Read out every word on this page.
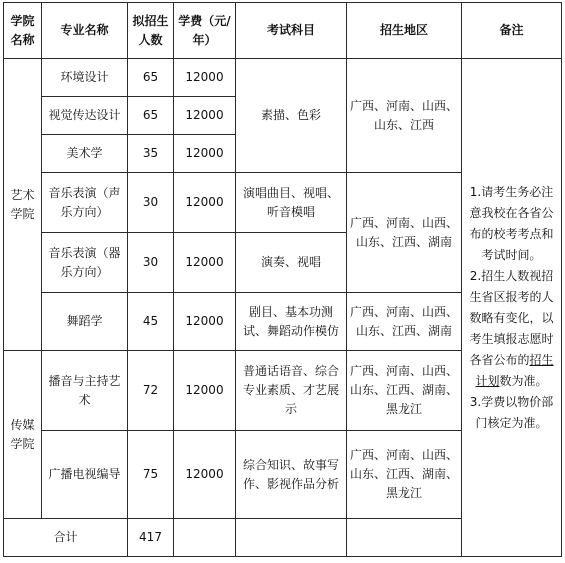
学院名称	专业名称	拟招生人数	学费（元/年）	考试科目	招生地区	备注
艺术学院	环境设计	65	12000	素描、色彩	广西、河南、山西、山东、江西	1.请考生务必注意我校在各省公布的校考考点和考试时间。

2.招生人数视招生省区报考的人数略有变化，以考生填报志愿时各省公布的招生计划数为准。

3.学费以物价部门核定为准。

	视觉传达设计	65	12000			
	美术学	35	12000			
	音乐表演（声乐方向）	30	12000	演唱曲目、视唱、听音模唱	广西、河南、山西、山东、江西、湖南	
	音乐表演（器乐方向）	30	12000	演奏、视唱		
	舞蹈学	45	12000	剧目、基本功测试、舞蹈动作模仿	广西、河南、山西、山东、江西、湖南	
传媒学院	播音与主持艺术	72	12000	普通话语音、综合专业素质、才艺展示	广西、河南、山西、山东、江西、湖南、黑龙江	
	广播电视编导	75	12000	综合知识、故事写作、影视作品分析	广西、河南、山西、山东、江西、湖南、黑龙江	
合计		417				
